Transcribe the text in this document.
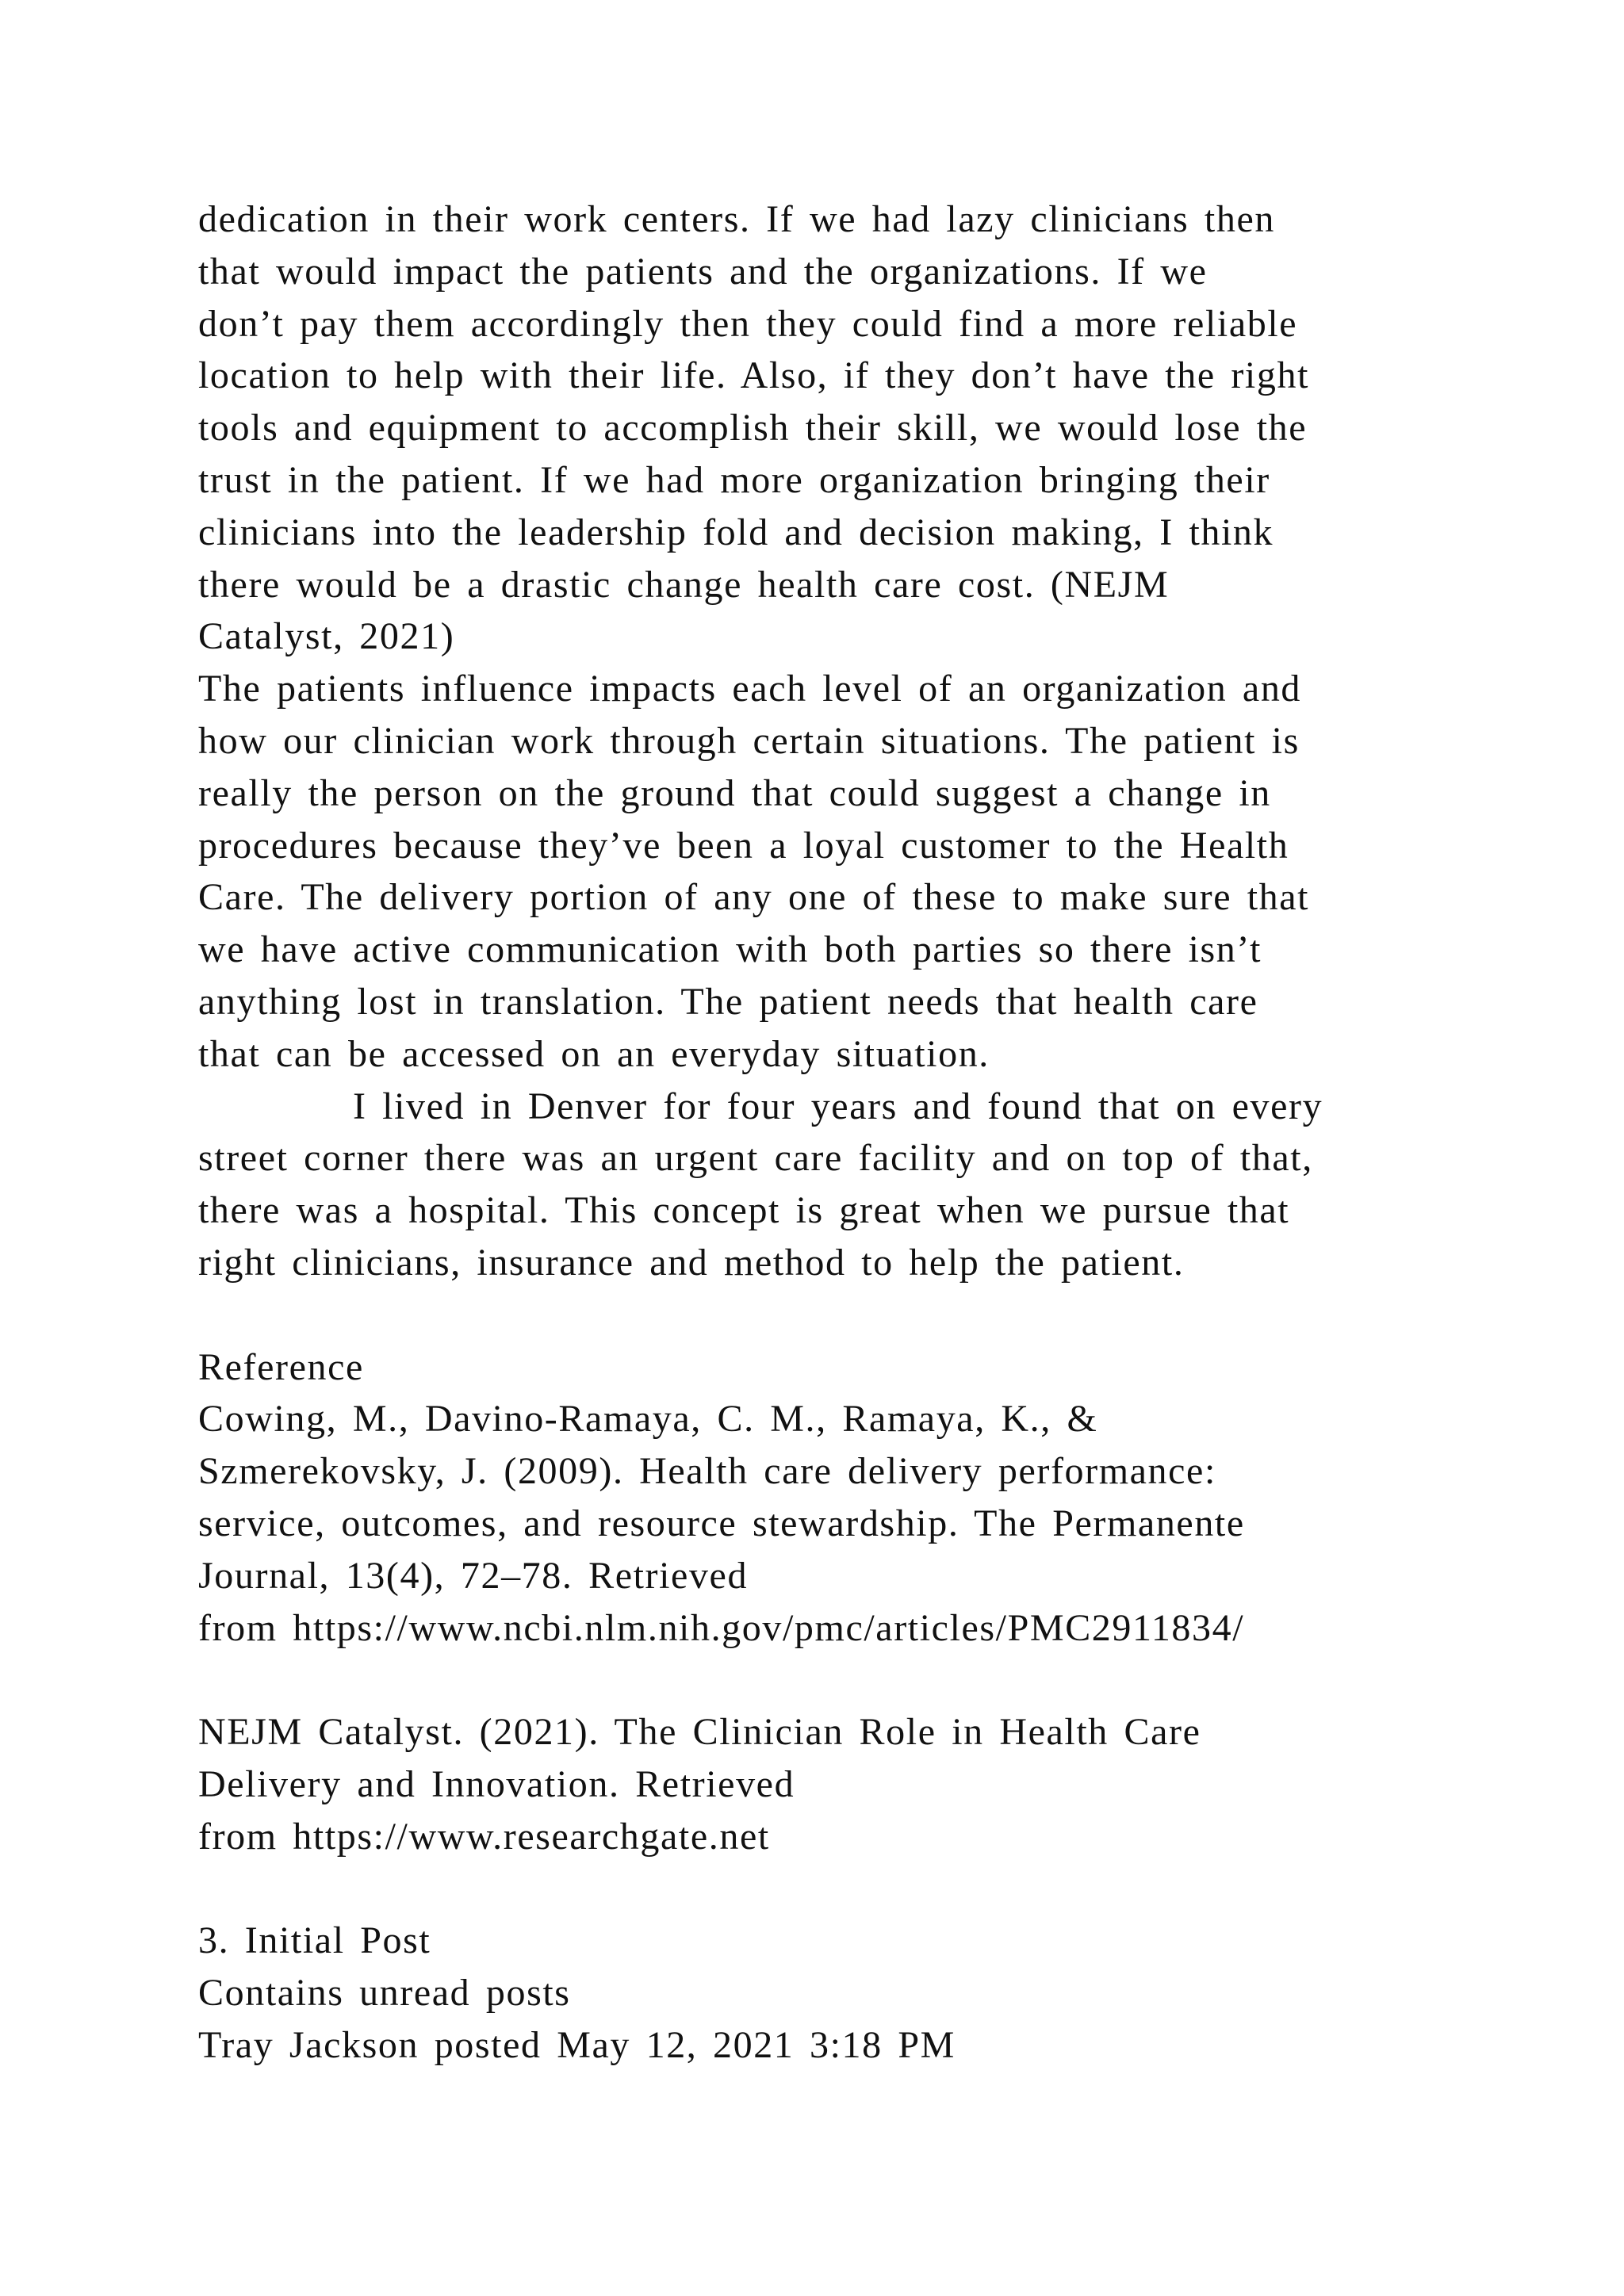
dedication in their work centers. If we had lazy clinicians then
that would impact the patients and the organizations. If we
don’t pay them accordingly then they could find a more reliable
location to help with their life. Also, if they don’t have the right
tools and equipment to accomplish their skill, we would lose the
trust in the patient. If we had more organization bringing their
clinicians into the leadership fold and decision making, I think
there would be a drastic change health care cost. (NEJM
Catalyst, 2021)
The patients influence impacts each level of an organization and
how our clinician work through certain situations. The patient is
really the person on the ground that could suggest a change in
procedures because they’ve been a loyal customer to the Health
Care. The delivery portion of any one of these to make sure that
we have active communication with both parties so there isn’t
anything lost in translation. The patient needs that health care
that can be accessed on an everyday situation.
I lived in Denver for four years and found that on every
street corner there was an urgent care facility and on top of that,
there was a hospital. This concept is great when we pursue that
right clinicians, insurance and method to help the patient.
Reference
Cowing, M., Davino-Ramaya, C. M., Ramaya, K., &
Szmerekovsky, J. (2009). Health care delivery performance:
service, outcomes, and resource stewardship. The Permanente
Journal, 13(4), 72–78. Retrieved
from https://www.ncbi.nlm.nih.gov/pmc/articles/PMC2911834/
NEJM Catalyst. (2021). The Clinician Role in Health Care
Delivery and Innovation. Retrieved
from https://www.researchgate.net
3. Initial Post
Contains unread posts
Tray Jackson posted May 12, 2021 3:18 PM
